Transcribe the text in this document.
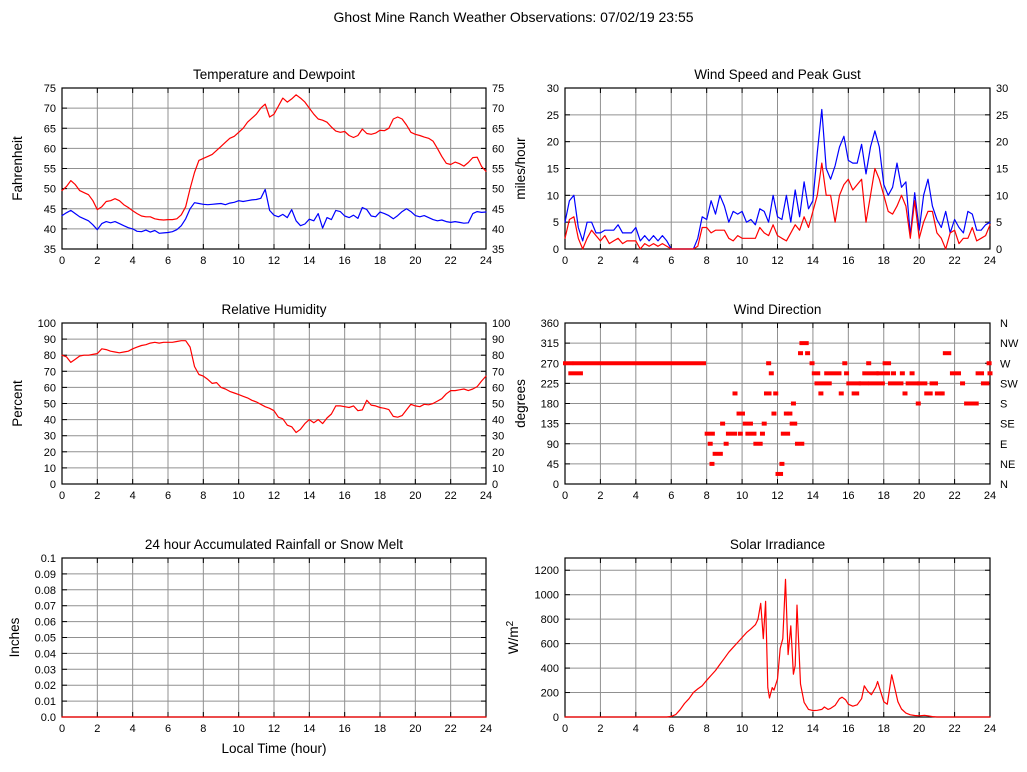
Ghost Mine Ranch Weather Observations: 07/02/19 23:55
35	35
40	40
45	45
50	50
55	55
60	60
65	65
70	70
75	75
0	2	4	6	8 10 12 14 16 18 20 22 24
Temperature and Dewpoint
Fahrenheit
0	0
5	5
10	10
15	15
20	20
25	25
30	30
0	2	4	6	8 10 12 14 16 18 20 22 24
Wind Speed and Peak Gust
miles/hour
0	0
10	10
20	20
30	30
40	40
50	50
60	60
70	70
80	80
90	90
100	100
0	2	4	6	8 10 12 14 16 18 20 22 24
Relative Humidity
Percent
0	N
45	NE
90	E
135	SE
180	S
225	SW
270	W
315	NW
360	N
0	2	4	6	8 10 12 14 16 18 20 22 24
Wind Direction
degrees
0.0
0.01
0.02
0.03
0.04
0.05
0.06
0.07
0.08
0.09
0.1
0	2	4	6	8 10 12 14 16 18 20 22 24
24 hour Accumulated Rainfall or Snow Melt
Inches
Local Time (hour)
0
200
400
600
800
1000
1200
0	2	4	6	8 10 12 14 16 18 20 22 24
Solar Irradiance
$W/m^2$
